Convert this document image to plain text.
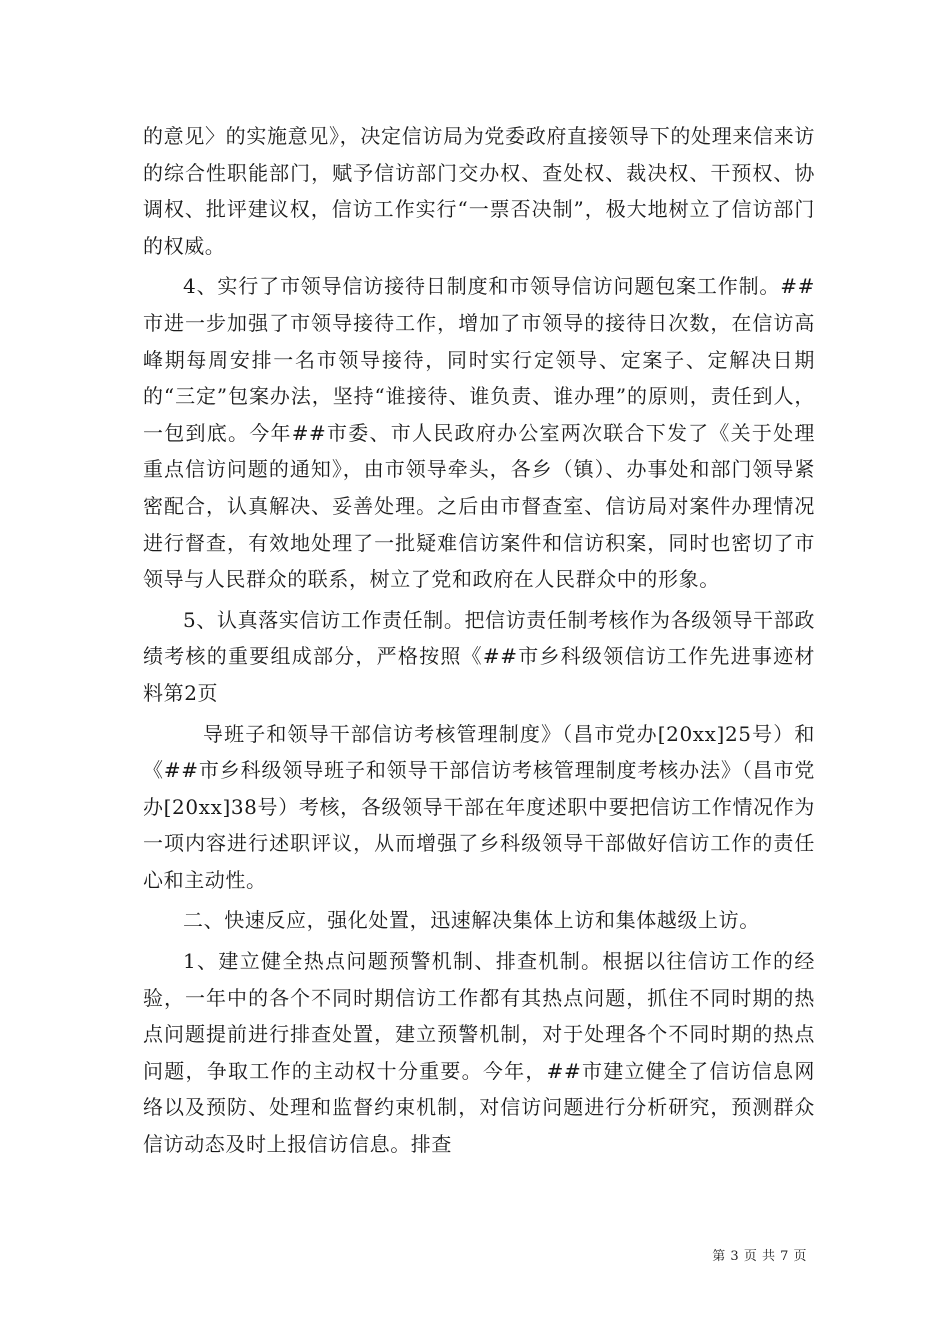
的意见〉的实施意见》，决定信访局为党委政府直接领导下的处理来信来访的综合性职能部门，赋予信访部门交办权、查处权、裁决权、干预权、协调权、批评建议权，信访工作实行“一票否决制”，极大地树立了信访部门的权威。

4、实行了市领导信访接待日制度和市领导信访问题包案工作制。##市进一步加强了市领导接待工作，增加了市领导的接待日次数，在信访高峰期每周安排一名市领导接待，同时实行定领导、定案子、定解决日期的“三定”包案办法，坚持“谁接待、谁负责、谁办理”的原则，责任到人，一包到底。今年##市委、市人民政府办公室两次联合下发了《关于处理重点信访问题的通知》，由市领导牵头，各乡（镇）、办事处和部门领导紧密配合，认真解决、妥善处理。之后由市督查室、信访局对案件办理情况进行督查，有效地处理了一批疑难信访案件和信访积案，同时也密切了市领导与人民群众的联系，树立了党和政府在人民群众中的形象。

5、认真落实信访工作责任制。把信访责任制考核作为各级领导干部政绩考核的重要组成部分，严格按照《##市乡科级领信访工作先进事迹材料第2页

导班子和领导干部信访考核管理制度》（昌市党办[20xx]25号）和《##市乡科级领导班子和领导干部信访考核管理制度考核办法》（昌市党办[20xx]38号）考核，各级领导干部在年度述职中要把信访工作情况作为一项内容进行述职评议，从而增强了乡科级领导干部做好信访工作的责任心和主动性。

二、快速反应，强化处置，迅速解决集体上访和集体越级上访。

1、建立健全热点问题预警机制、排查机制。根据以往信访工作的经验，一年中的各个不同时期信访工作都有其热点问题，抓住不同时期的热点问题提前进行排查处置，建立预警机制，对于处理各个不同时期的热点问题，争取工作的主动权十分重要。今年，##市建立健全了信访信息网络以及预防、处理和监督约束机制，对信访问题进行分析研究，预测群众信访动态及时上报信访信息。排查

第 3 页 共 7 页
